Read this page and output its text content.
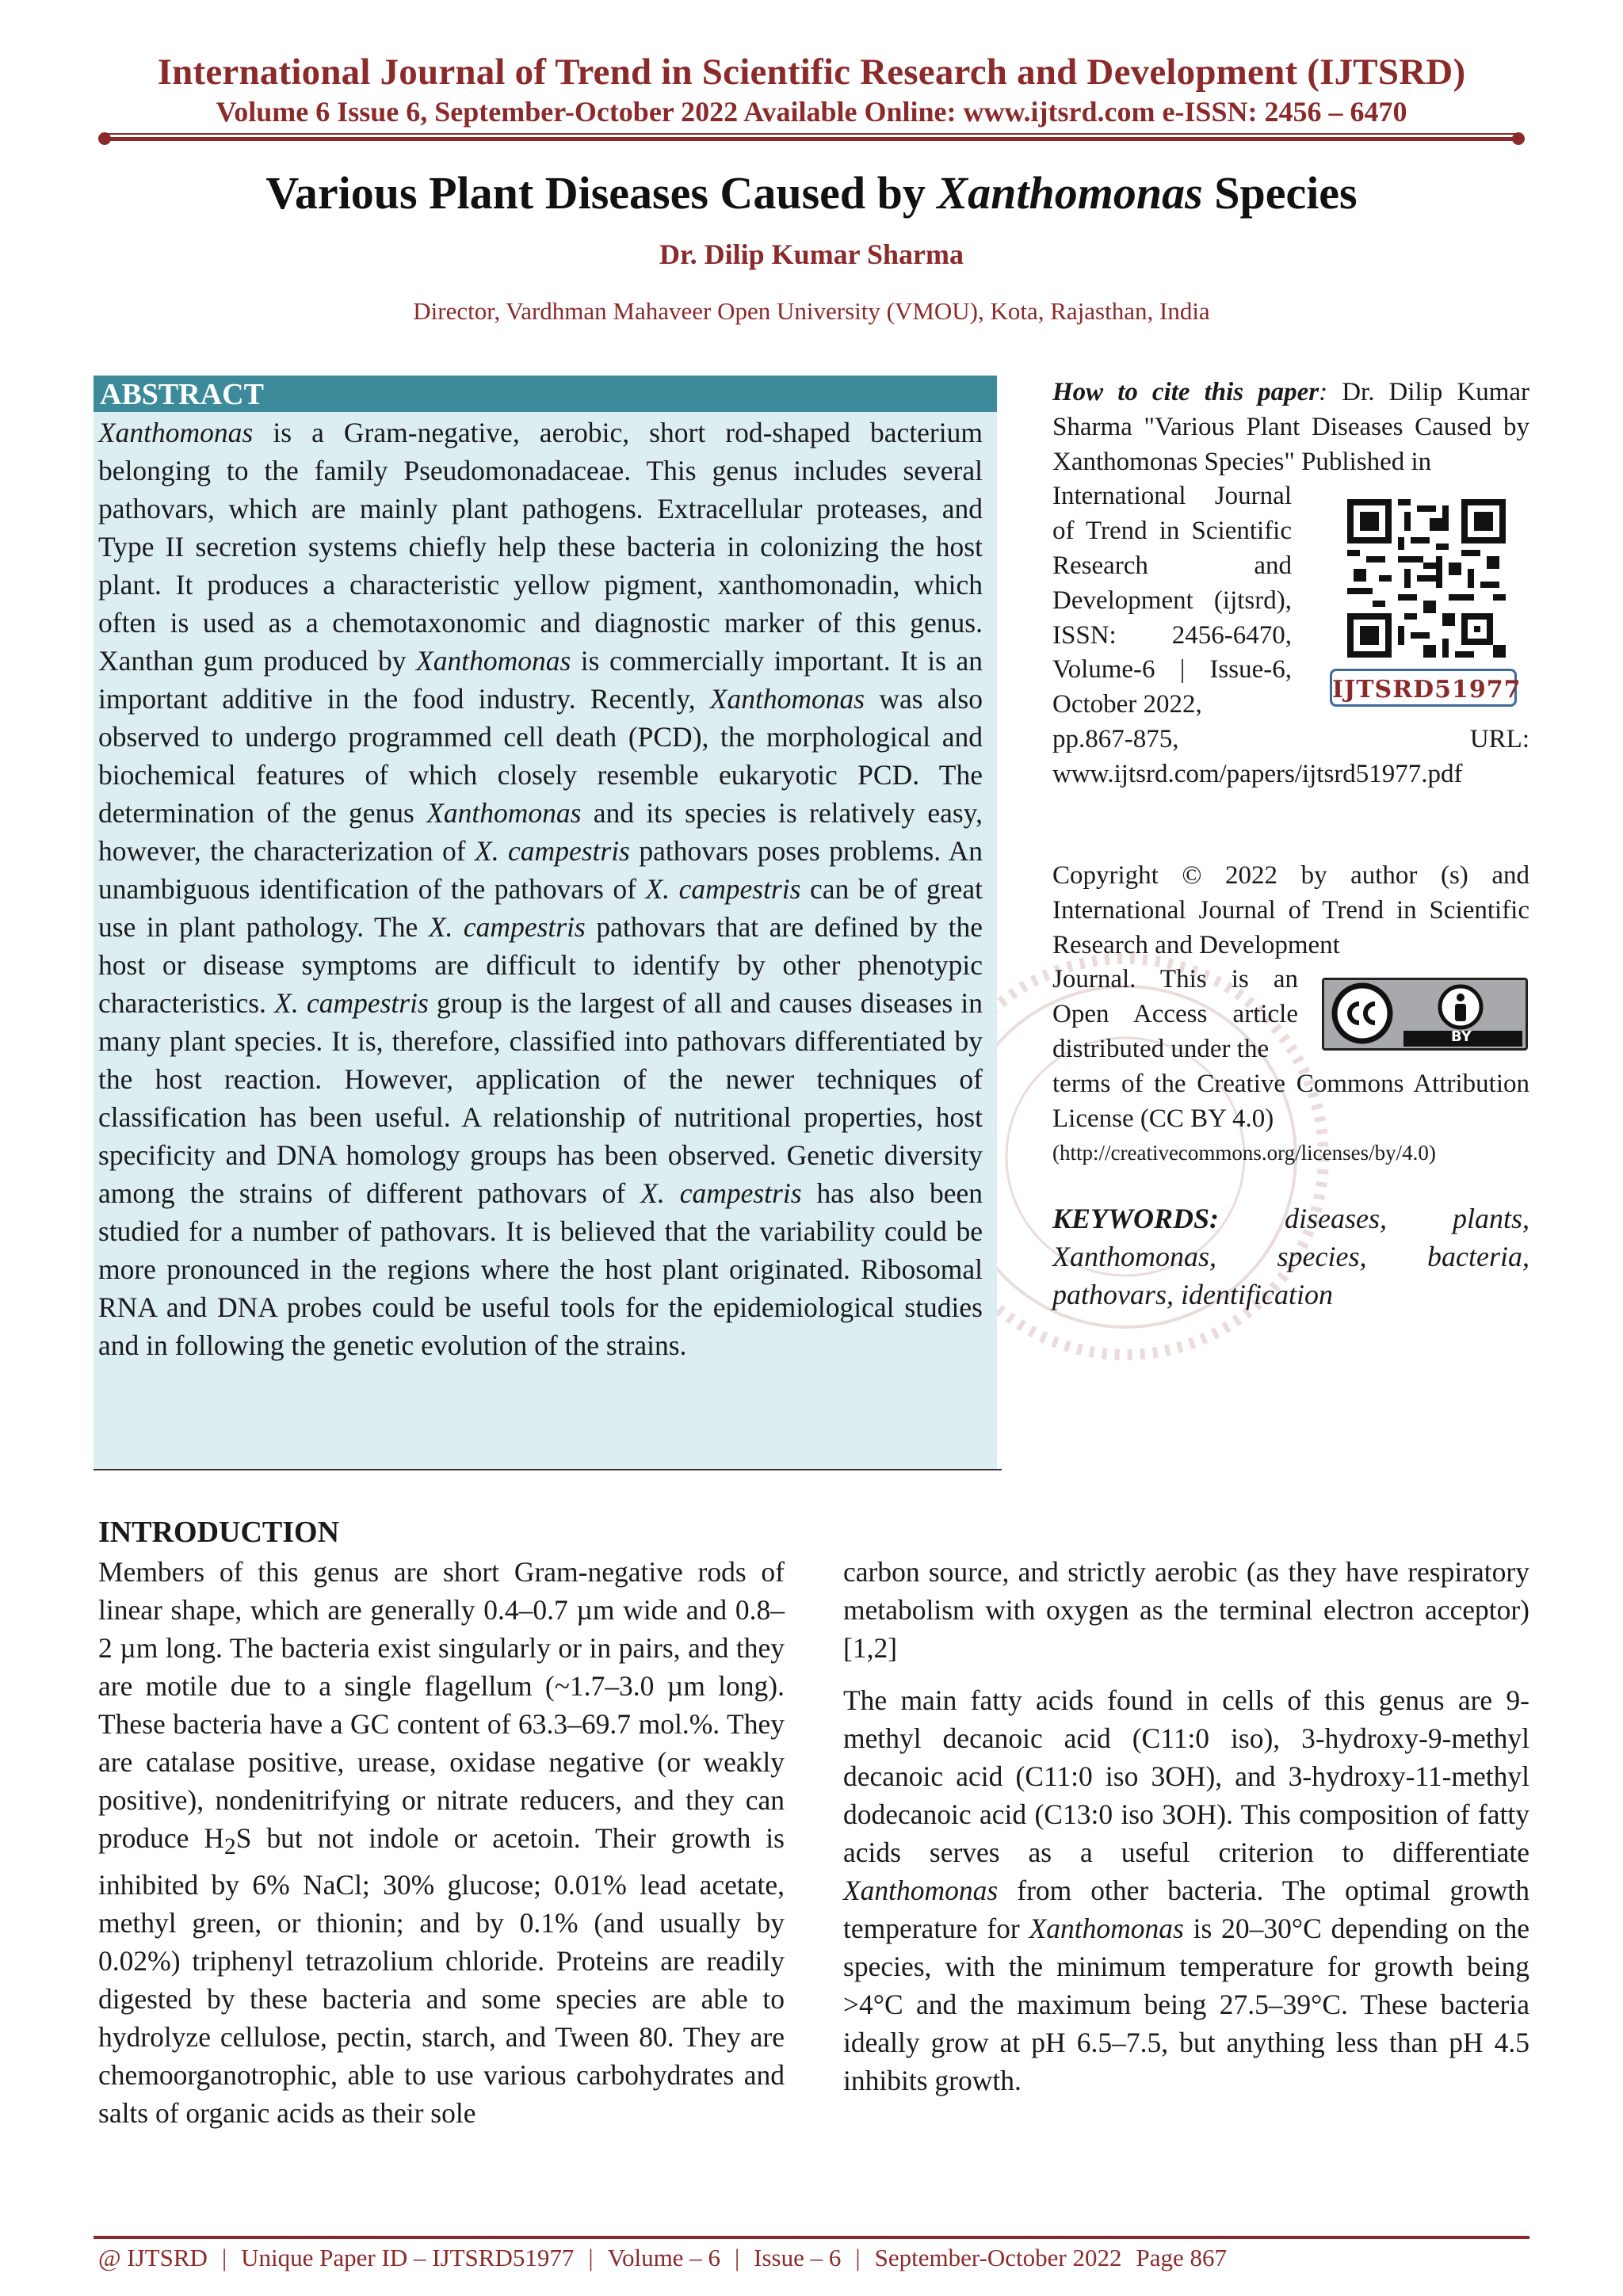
International Journal of Trend in Scientific Research and Development (IJTSRD)
Volume 6 Issue 6, September-October 2022 Available Online: www.ijtsrd.com e-ISSN: 2456 – 6470
Various Plant Diseases Caused by Xanthomonas Species
Dr. Dilip Kumar Sharma
Director, Vardhman Mahaveer Open University (VMOU), Kota, Rajasthan, India
ABSTRACT

Xanthomonas is a Gram-negative, aerobic, short rod-shaped bacterium belonging to the family Pseudomonadaceae. This genus includes several pathovars, which are mainly plant pathogens. Extracellular proteases, and Type II secretion systems chiefly help these bacteria in colonizing the host plant. It produces a characteristic yellow pigment, xanthomonadin, which often is used as a chemotaxonomic and diagnostic marker of this genus. Xanthan gum produced by Xanthomonas is commercially important. It is an important additive in the food industry. Recently, Xanthomonas was also observed to undergo programmed cell death (PCD), the morphological and biochemical features of which closely resemble eukaryotic PCD. The determination of the genus Xanthomonas and its species is relatively easy, however, the characterization of X. campestris pathovars poses problems. An unambiguous identification of the pathovars of X. campestris can be of great use in plant pathology. The X. campestris pathovars that are defined by the host or disease symptoms are difficult to identify by other phenotypic characteristics. X. campestris group is the largest of all and causes diseases in many plant species. It is, therefore, classified into pathovars differentiated by the host reaction. However, application of the newer techniques of classification has been useful. A relationship of nutritional properties, host specificity and DNA homology groups has been observed. Genetic diversity among the strains of different pathovars of X. campestris has also been studied for a number of pathovars. It is believed that the variability could be more pronounced in the regions where the host plant originated. Ribosomal RNA and DNA probes could be useful tools for the epidemiological studies and in following the genetic evolution of the strains.

How to cite this paper: Dr. Dilip Kumar Sharma "Various Plant Diseases Caused by Xanthomonas Species" Published in

International Journal of Trend in Scientific Research and Development (ijtsrd), ISSN: 2456-6470, Volume-6 | Issue-6, October 2022,

pp.867-875,	URL:

www.ijtsrd.com/papers/ijtsrd51977.pdf

IJTSRD51977

Copyright © 2022 by author (s) and International Journal of Trend in Scientific Research and Development

Journal. This is an Open Access article distributed under the

terms of the Creative Commons Attribution License (CC BY 4.0)

(http://creativecommons.org/licenses/by/4.0)

BY
KEYWORDS: diseases, plants, Xanthomonas, species, bacteria, pathovars, identification
INTRODUCTION

Members of this genus are short Gram-negative rods of linear shape, which are generally 0.4–0.7 µm wide and 0.8–2 µm long. The bacteria exist singularly or in pairs, and they are motile due to a single flagellum (~1.7–3.0 µm long). These bacteria have a GC content of 63.3–69.7 mol.%. They are catalase positive, urease, oxidase negative (or weakly positive), nondenitrifying or nitrate reducers, and they can produce $H_2S$ but not indole or acetoin. Their growth is inhibited by 6% NaCl; 30% glucose; 0.01% lead acetate, methyl green, or thionin; and by 0.1% (and usually by 0.02%) triphenyl tetrazolium chloride. Proteins are readily digested by these bacteria and some species are able to hydrolyze cellulose, pectin, starch, and Tween 80. They are chemoorganotrophic, able to use various carbohydrates and salts of organic acids as their sole

carbon source, and strictly aerobic (as they have respiratory metabolism with oxygen as the terminal electron acceptor)[1,2]

The main fatty acids found in cells of this genus are 9-methyl decanoic acid (C11:0 iso), 3-hydroxy-9-methyl decanoic acid (C11:0 iso 3OH), and 3-hydroxy-11-methyl dodecanoic acid (C13:0 iso 3OH). This composition of fatty acids serves as a useful criterion to differentiate Xanthomonas from other bacteria. The optimal growth temperature for Xanthomonas is 20–30°C depending on the species, with the minimum temperature for growth being >4°C and the maximum being 27.5–39°C. These bacteria ideally grow at pH 6.5–7.5, but anything less than pH 4.5 inhibits growth.

@ IJTSRD | Unique Paper ID – IJTSRD51977 | Volume – 6 | Issue – 6 | September-October 2022 Page 867
